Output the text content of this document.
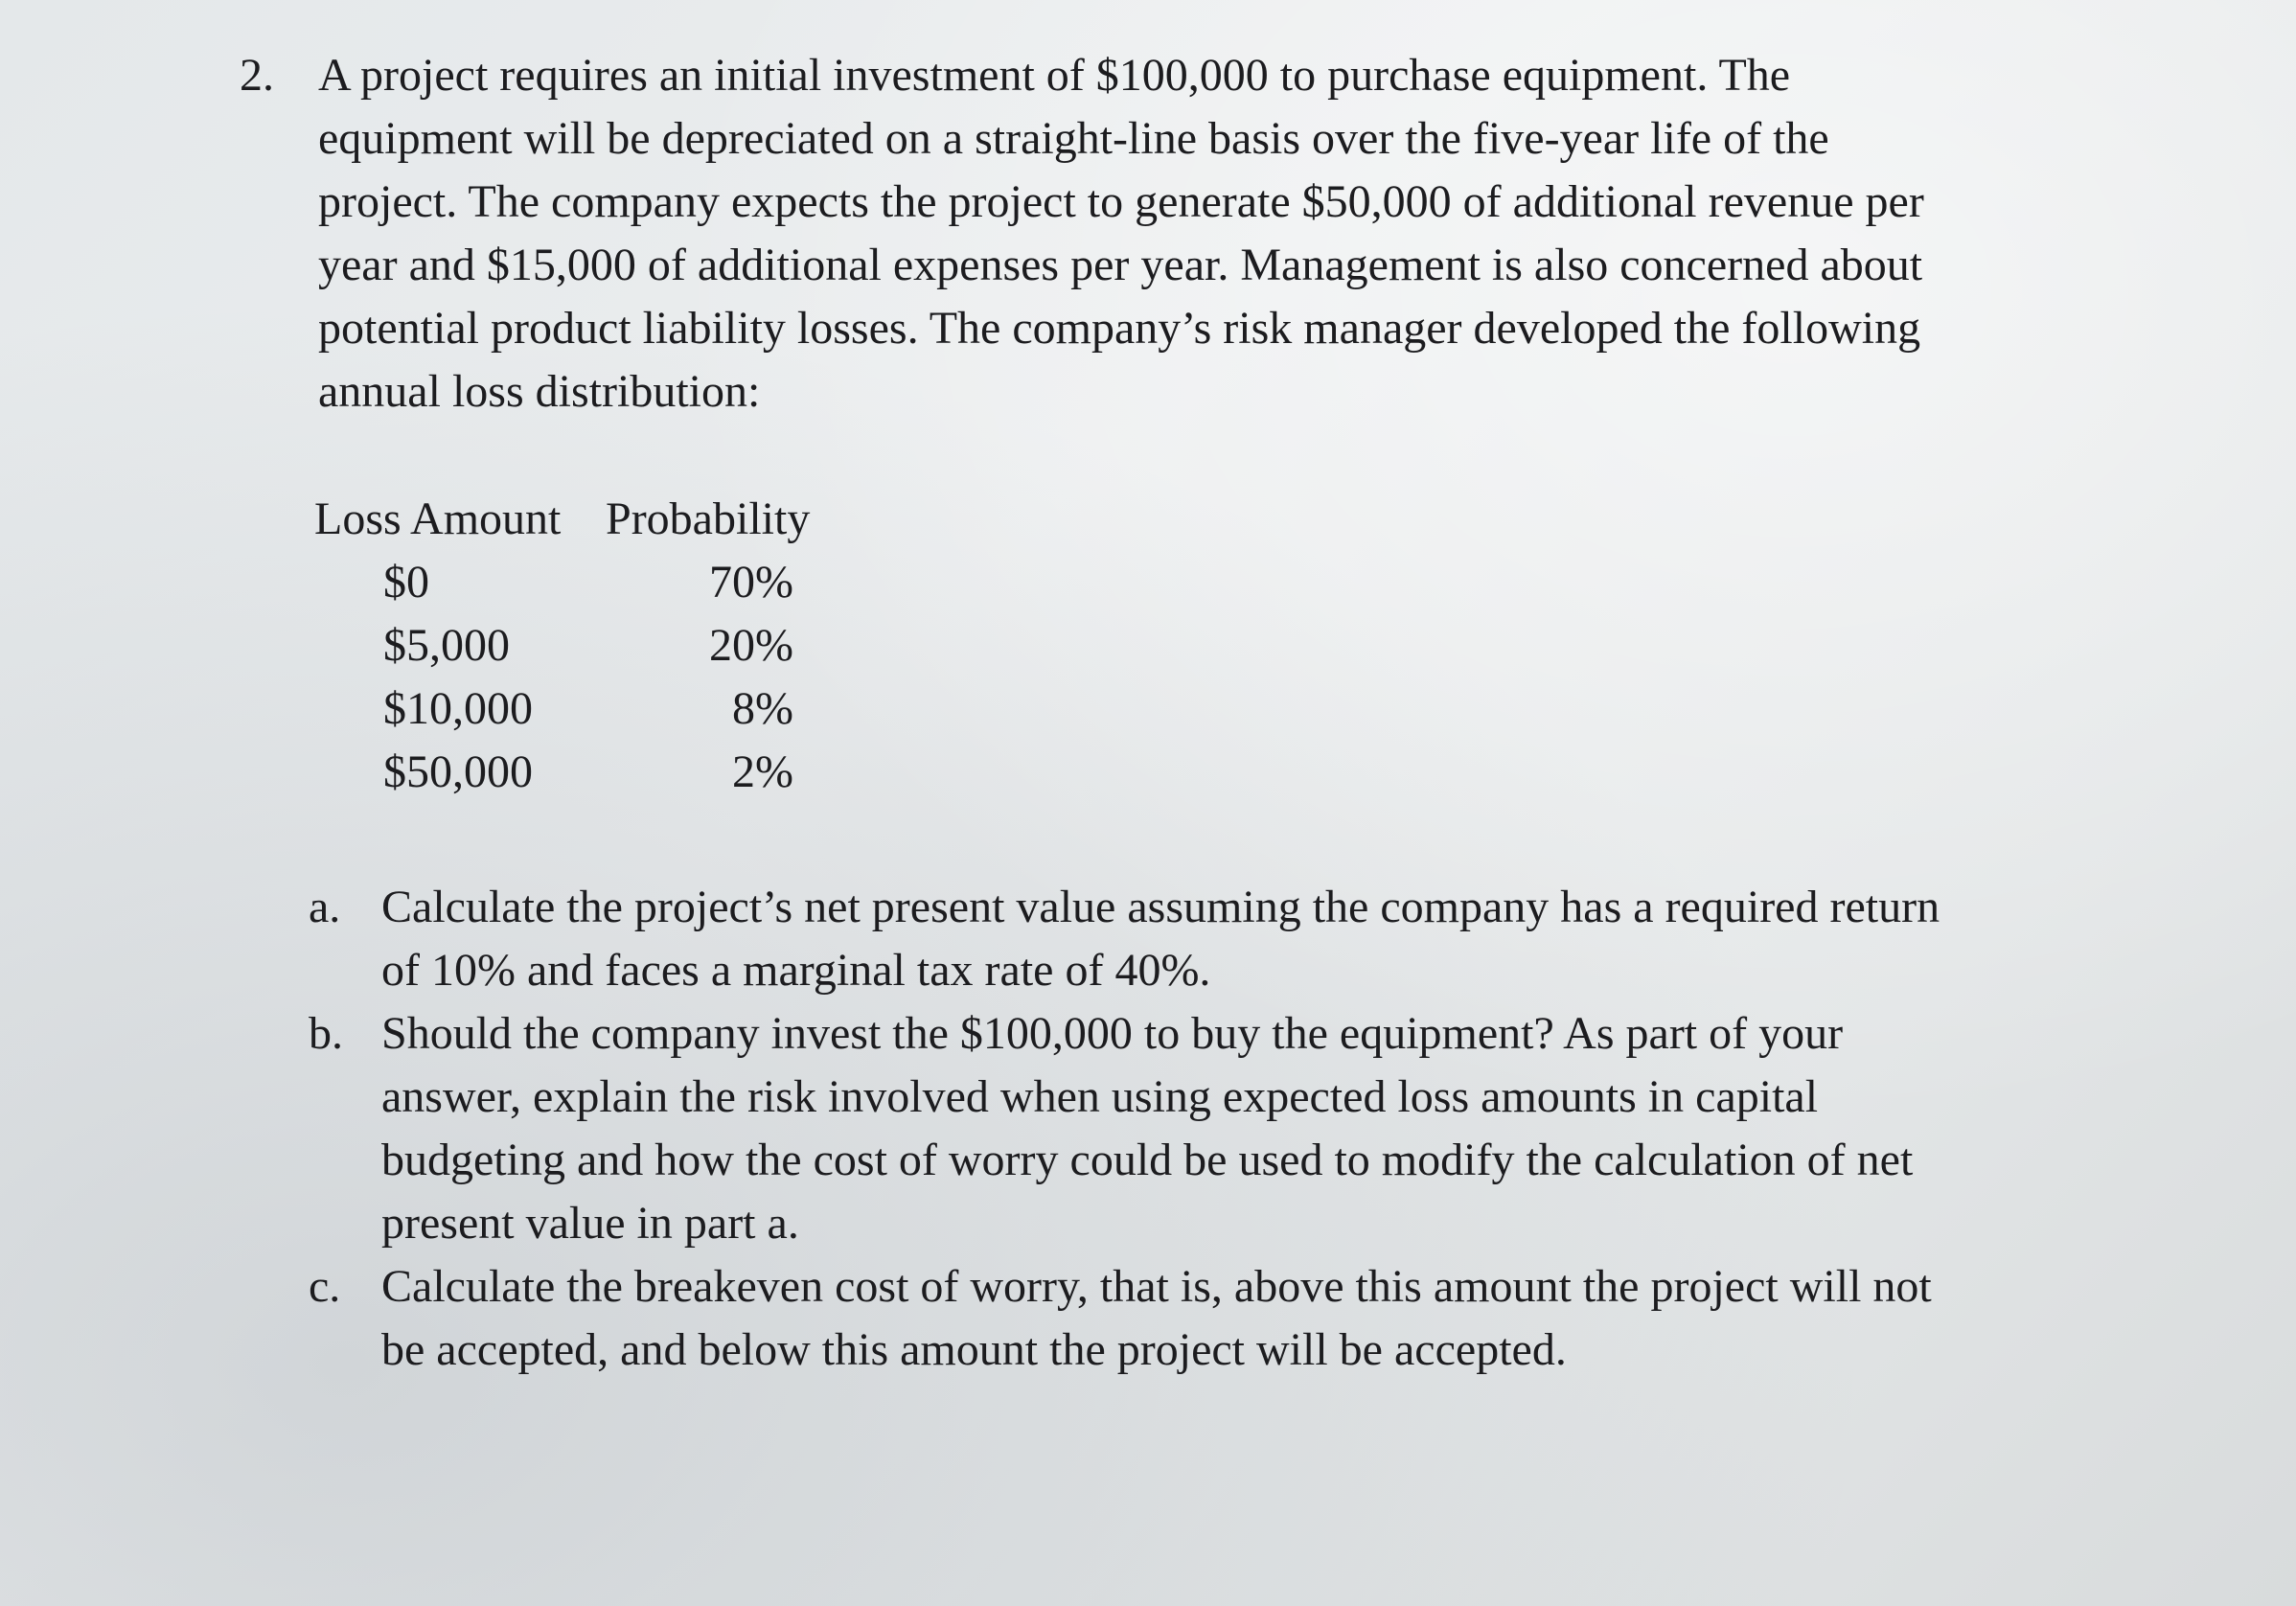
2. A project requires an initial investment of $100,000 to purchase equipment. The
equipment will be depreciated on a straight-line basis over the five-year life of the
project. The company expects the project to generate $50,000 of additional revenue per
year and $15,000 of additional expenses per year. Management is also concerned about
potential product liability losses. The company’s risk manager developed the following
annual loss distribution:
Loss Amount Probability
$0	70%
$5,000	20%
$10,000	8%
$50,000	2%
a. Calculate the project’s net present value assuming the company has a required return
of 10% and faces a marginal tax rate of 40%.
b. Should the company invest the $100,000 to buy the equipment? As part of your
answer, explain the risk involved when using expected loss amounts in capital
budgeting and how the cost of worry could be used to modify the calculation of net
present value in part a.
c. Calculate the breakeven cost of worry, that is, above this amount the project will not
be accepted, and below this amount the project will be accepted.
